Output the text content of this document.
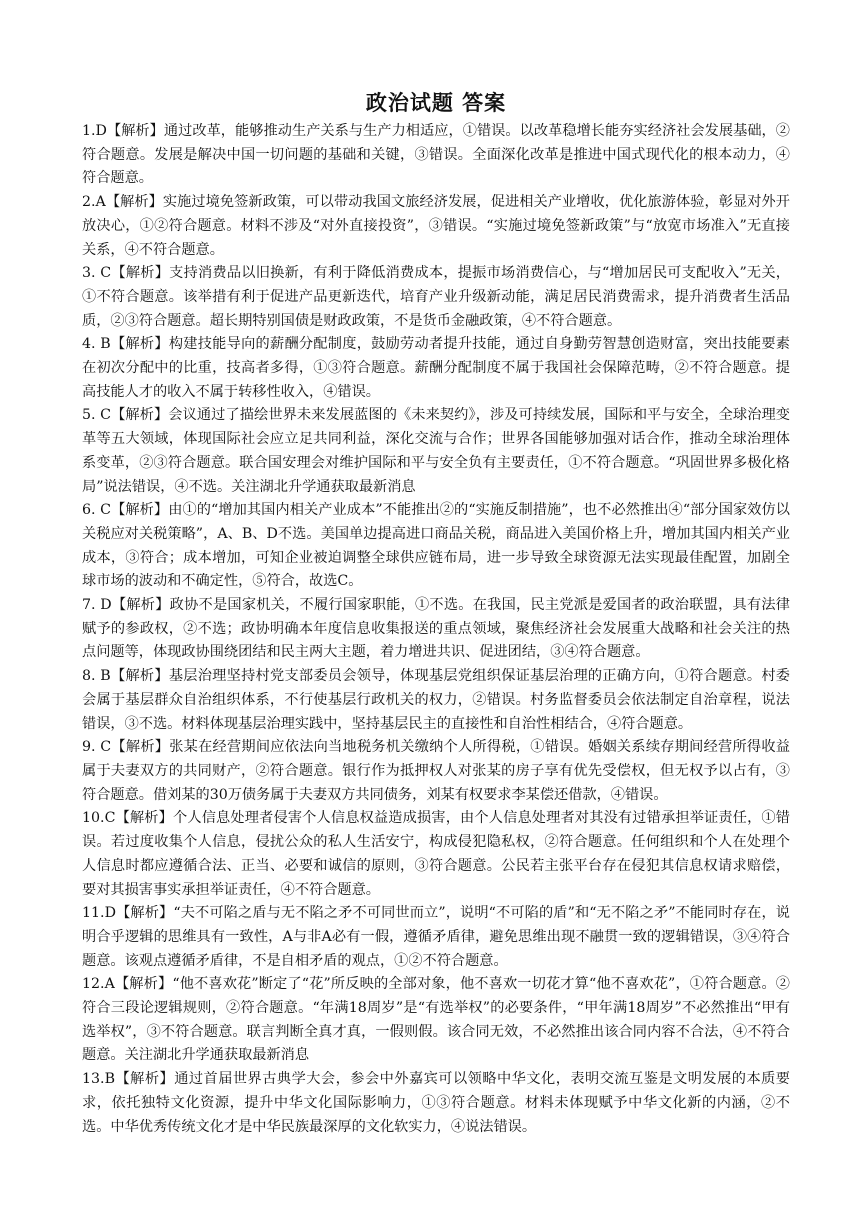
政治试题 答案
1.D【解析】通过改革，能够推动生产关系与生产力相适应，①错误。以改革稳增长能夯实经济社会发展基础，②符合题意。发展是解决中国一切问题的基础和关键，③错误。全面深化改革是推进中国式现代化的根本动力，④符合题意。
2.A【解析】实施过境免签新政策，可以带动我国文旅经济发展，促进相关产业增收，优化旅游体验，彰显对外开放决心，①②符合题意。材料不涉及“对外直接投资”，③错误。“实施过境免签新政策”与“放宽市场准入”无直接关系，④不符合题意。
3. C【解析】支持消费品以旧换新，有利于降低消费成本，提振市场消费信心，与“增加居民可支配收入”无关，①不符合题意。该举措有利于促进产品更新迭代，培育产业升级新动能，满足居民消费需求，提升消费者生活品质，②③符合题意。超长期特别国债是财政政策，不是货币金融政策，④不符合题意。
4. B【解析】构建技能导向的薪酬分配制度，鼓励劳动者提升技能，通过自身勤劳智慧创造财富，突出技能要素在初次分配中的比重，技高者多得，①③符合题意。薪酬分配制度不属于我国社会保障范畴，②不符合题意。提高技能人才的收入不属于转移性收入，④错误。
5. C【解析】会议通过了描绘世界未来发展蓝图的《未来契约》，涉及可持续发展，国际和平与安全，全球治理变革等五大领域，体现国际社会应立足共同利益，深化交流与合作；世界各国能够加强对话合作，推动全球治理体系变革，②③符合题意。联合国安理会对维护国际和平与安全负有主要责任，①不符合题意。“巩固世界多极化格局”说法错误，④不选。关注湖北升学通获取最新消息
6. C【解析】由①的“增加其国内相关产业成本”不能推出②的“实施反制措施”，也不必然推出④“部分国家效仿以关税应对关税策略”，A、B、D不选。美国单边提高进口商品关税，商品进入美国价格上升，增加其国内相关产业成本，③符合；成本增加，可知企业被迫调整全球供应链布局，进一步导致全球资源无法实现最佳配置，加剧全球市场的波动和不确定性，⑤符合，故选C。
7. D【解析】政协不是国家机关，不履行国家职能，①不选。在我国，民主党派是爱国者的政治联盟，具有法律赋予的参政权，②不选；政协明确本年度信息收集报送的重点领域，聚焦经济社会发展重大战略和社会关注的热点问题等，体现政协围绕团结和民主两大主题，着力增进共识、促进团结，③④符合题意。
8. B【解析】基层治理坚持村党支部委员会领导，体现基层党组织保证基层治理的正确方向，①符合题意。村委会属于基层群众自治组织体系，不行使基层行政机关的权力，②错误。村务监督委员会依法制定自治章程，说法错误，③不选。材料体现基层治理实践中，坚持基层民主的直接性和自治性相结合，④符合题意。
9. C【解析】张某在经营期间应依法向当地税务机关缴纳个人所得税，①错误。婚姻关系续存期间经营所得收益属于夫妻双方的共同财产，②符合题意。银行作为抵押权人对张某的房子享有优先受偿权，但无权予以占有，③符合题意。借刘某的30万债务属于夫妻双方共同债务，刘某有权要求李某偿还借款，④错误。
10.C【解析】个人信息处理者侵害个人信息权益造成损害，由个人信息处理者对其没有过错承担举证责任，①错误。若过度收集个人信息，侵扰公众的私人生活安宁，构成侵犯隐私权，②符合题意。任何组织和个人在处理个人信息时都应遵循合法、正当、必要和诚信的原则，③符合题意。公民若主张平台存在侵犯其信息权请求赔偿，要对其损害事实承担举证责任，④不符合题意。
11.D【解析】“夫不可陷之盾与无不陷之矛不可同世而立”，说明“不可陷的盾”和“无不陷之矛”不能同时存在，说明合乎逻辑的思维具有一致性，A与非A必有一假，遵循矛盾律，避免思维出现不融贯一致的逻辑错误，③④符合题意。该观点遵循矛盾律，不是自相矛盾的观点，①②不符合题意。
12.A【解析】“他不喜欢花”断定了“花”所反映的全部对象，他不喜欢一切花才算“他不喜欢花”，①符合题意。②符合三段论逻辑规则，②符合题意。“年满18周岁”是“有选举权”的必要条件，“甲年满18周岁”不必然推出“甲有选举权”，③不符合题意。联言判断全真才真，一假则假。该合同无效，不必然推出该合同内容不合法，④不符合题意。关注湖北升学通获取最新消息
13.B【解析】通过首届世界古典学大会，参会中外嘉宾可以领略中华文化，表明交流互鉴是文明发展的本质要求，依托独特文化资源，提升中华文化国际影响力，①③符合题意。材料未体现赋予中华文化新的内涵，②不选。中华优秀传统文化才是中华民族最深厚的文化软实力，④说法错误。
